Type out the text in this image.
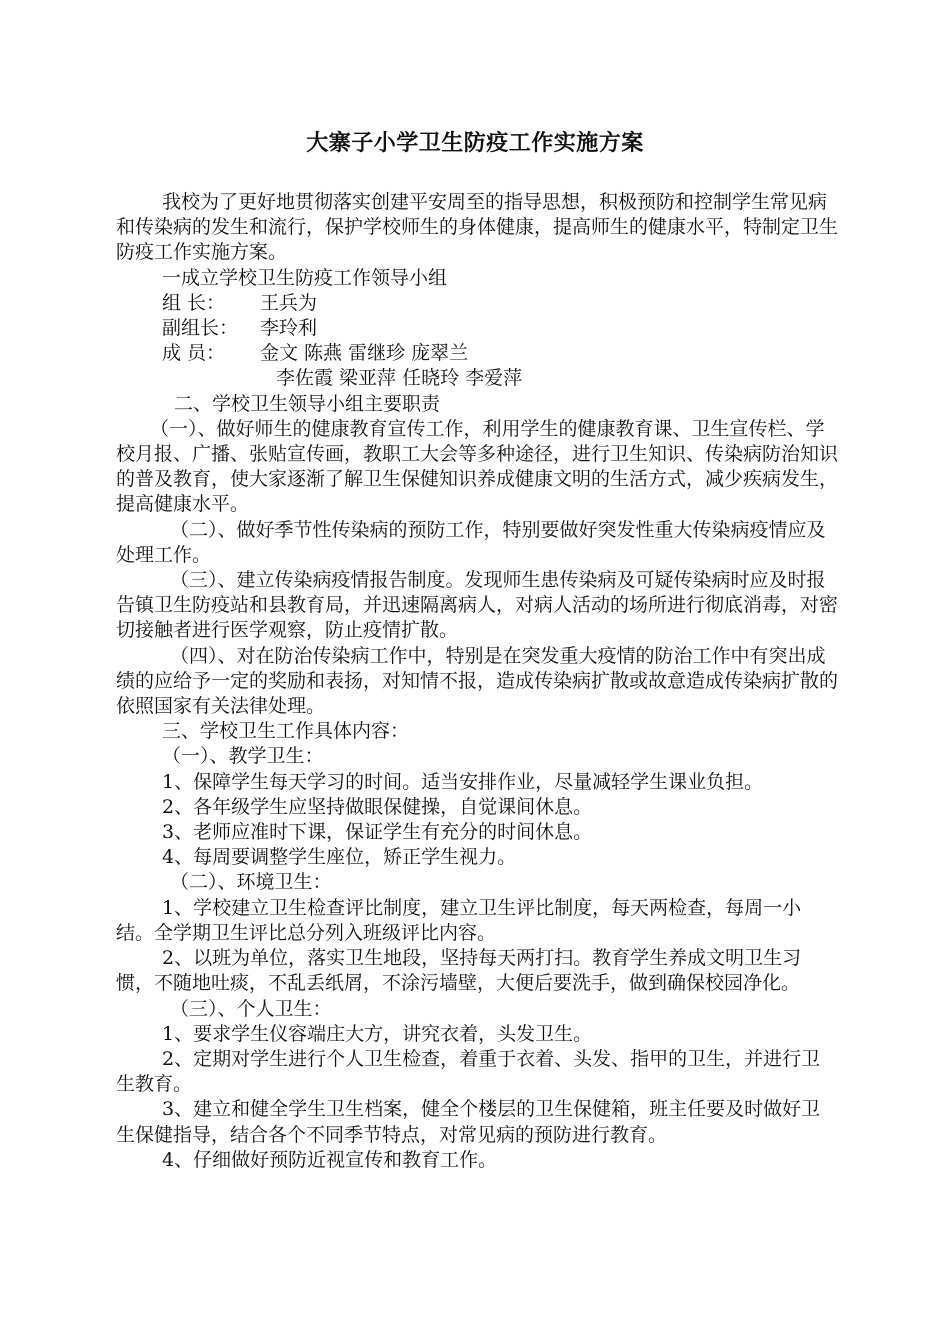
大寨子小学卫生防疫工作实施方案

我校为了更好地贯彻落实创建平安周至的指导思想，积极预防和控制学生常见病和传染病的发生和流行，保护学校师生的身体健康，提高师生的健康水平，特制定卫生防疫工作实施方案。

一成立学校卫生防疫工作领导小组

组 长： 王兵为
副组长： 李玲利
成 员： 金文 陈燕 雷继珍 庞翠兰
李佐霞 梁亚萍 任晓玲 李爱萍

二、学校卫生领导小组主要职责

（一）、做好师生的健康教育宣传工作，利用学生的健康教育课、卫生宣传栏、学校月报、广播、张贴宣传画，教职工大会等多种途径，进行卫生知识、传染病防治知识的普及教育，使大家逐渐了解卫生保健知识养成健康文明的生活方式，减少疾病发生，提高健康水平。

（二）、做好季节性传染病的预防工作，特别要做好突发性重大传染病疫情应及处理工作。

（三）、建立传染病疫情报告制度。发现师生患传染病及可疑传染病时应及时报告镇卫生防疫站和县教育局，并迅速隔离病人，对病人活动的场所进行彻底消毒，对密切接触者进行医学观察，防止疫情扩散。

（四）、对在防治传染病工作中，特别是在突发重大疫情的防治工作中有突出成绩的应给予一定的奖励和表扬，对知情不报，造成传染病扩散或故意造成传染病扩散的依照国家有关法律处理。

三、学校卫生工作具体内容：

（一）、教学卫生：

1、保障学生每天学习的时间。适当安排作业，尽量减轻学生课业负担。

2、各年级学生应坚持做眼保健操，自觉课间休息。

3、老师应准时下课，保证学生有充分的时间休息。

4、每周要调整学生座位，矫正学生视力。

（二）、环境卫生：

1、学校建立卫生检查评比制度，建立卫生评比制度，每天两检查，每周一小结。全学期卫生评比总分列入班级评比内容。

2、以班为单位，落实卫生地段，坚持每天两打扫。教育学生养成文明卫生习惯，不随地吐痰，不乱丢纸屑，不涂污墙壁，大便后要洗手，做到确保校园净化。

（三）、个人卫生：

1、要求学生仪容端庄大方，讲究衣着，头发卫生。

2、定期对学生进行个人卫生检查，着重于衣着、头发、指甲的卫生，并进行卫生教育。

3、建立和健全学生卫生档案，健全个楼层的卫生保健箱，班主任要及时做好卫生保健指导，结合各个不同季节特点，对常见病的预防进行教育。

4、仔细做好预防近视宣传和教育工作。
